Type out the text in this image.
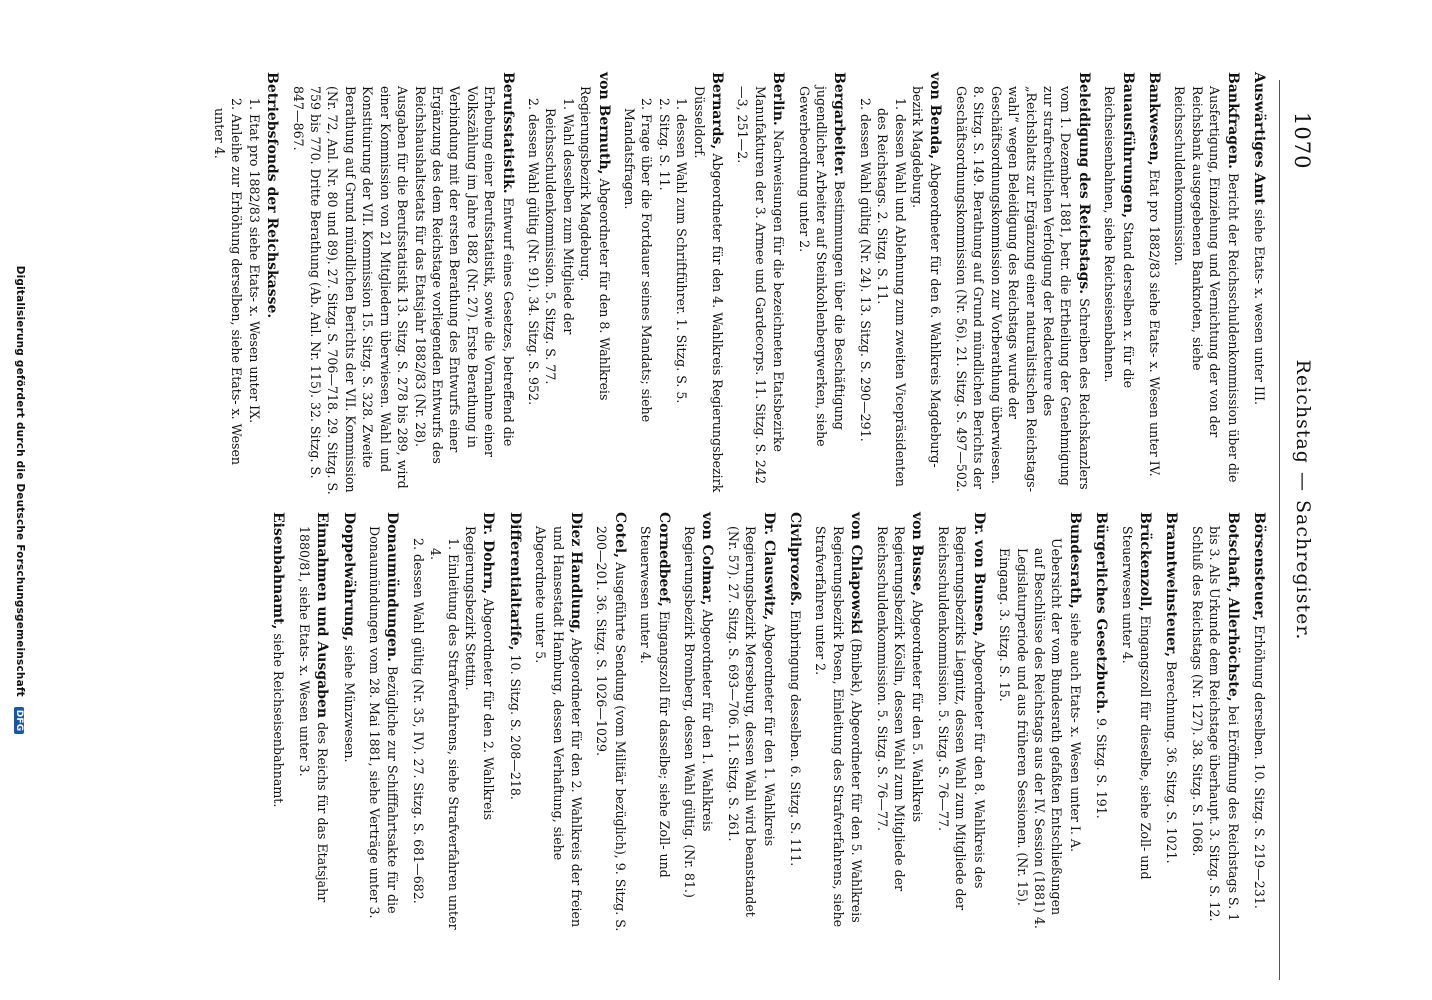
1070
Reichstag—Sachregister.
Auswärtiges Amt siehe Etats- x. wesen unter III.
Bankfragen. Bericht der Reichsschuldenkommission über die Ausfertigung, Einziehung und Vernichtung der von der Reichsbank ausgegebenen Banknoten, siehe Reichsschuldenkommission.
Bankwesen, Etat pro 1882/83 siehe Etats- x. Wesen unter IV.
Bauausführungen, Stand derselben x. für die Reichseisenbahnen, siehe Reichseisenbahnen.
Beleidigung des Reichstags. Schreiben des Reichskanzlers vom 1. Dezember 1881, betr. die Ertheilung der Genehmigung zur strafrechtlichen Verfolgung der Redacteure des „Reichsblatts zur Ergänzung einer naturalistischen Reichstags-wahl“ wegen Beleidigung des Reichstags wurde der Geschäftsordnungskommission zur Vorberathung überwiesen. 8. Sitzg. S. 149. Berathung auf Grund mündlichen Berichts der Geschäftsordnungskommission (Nr. 56). 21. Sitzg. S. 497—502.
von Benda, Abgeordneter für den 6. Wahlkreis Magdeburg-bezirk Magdeburg.
1. dessen Wahl und Ablehnung zum zweiten Vicepräsidenten des Reichstags. 2. Sitzg. S. 11.
2. dessen Wahl gültig (Nr. 24). 13. Sitzg. S. 290—291.
Bergarbeiter. Bestimmungen über die Beschäftigung jugendlicher Arbeiter auf Steinkohlenbergwerken, siehe Gewerbeordnung unter 2.
Berlin. Nachweisungen für die bezeichneten Etatsbezirke Manufakturen der 3. Armee und Gardecorps. 11. Sitzg. S. 242—3, 251—2.
Bernards, Abgeordneter für den 4. Wahlkreis Regierungsbezirk Düsseldorf.
1. dessen Wahl zum Schriftführer. 1. Sitzg. S. 5.
2. Sitzg. S. 11.
2. Frage über die Fortdauer seines Mandats; siehe Mandatsfragen.
von Bernuth, Abgeordneter für den 8. Wahlkreis Regierungsbezirk Magdeburg.
1. Wahl desselben zum Mitgliede der Reichsschuldenkommission. 5. Sitzg. S. 77.
2. dessen Wahl gültig (Nr. 91). 34. Sitzg. S. 952.
Berufsstatistik. Entwurf eines Gesetzes, betreffend die Erhebung einer Berufsstatistik, sowie die Vornahme einer Volkszählung im Jahre 1882 (Nr. 27). Erste Berathung in Verbindung mit der ersten Berathung des Entwurfs einer Ergänzung des dem Reichstage vorliegenden Entwurfs des Reichshaushaltsetats für das Etatsjahr 1882/83 (Nr. 28). Ausgaben für die Berufsstatistik 13. Sitzg. S. 278 bis 289, wird einer Kommission von 21 Mitgliedern überwiesen. Wahl und Konstituirung der VII. Kommission 15. Sitzg. S. 328. Zweite Berathung auf Grund mündlichen Berichts der VII. Kommission (Nr. 72, Anl. Nr. 80 und 89). 27. Sitzg. S. 706—718. 29. Sitzg. S. 759 bis 770. Dritte Berathung (Ab. Anl. Nr. 115). 32. Sitzg. S. 847—867.
Betriebsfonds der Reichskasse.
1. Etat pro 1882/83 siehe Etats- x. Wesen unter IX.
2. Anleihe zur Erhöhung derselben, siehe Etats- x. Wesen unter 4.
Börsensteuer, Erhöhung derselben. 10. Sitzg. S. 219—231.
Botschaft, Allerhöchste, bei Eröffnung des Reichstags S. 1 bis 3. Als Urkunde dem Reichstage überhaupt. 3. Sitzg. S. 12. Schluß des Reichstags (Nr. 127). 38. Sitzg. S. 1068.
Branntweinsteuer, Berechnung. 36. Sitzg. S. 1021.
Brückenzoll, Eingangszoll für dieselbe, siehe Zoll- und Steuerwesen unter 4.
Bürgerliches Gesetzbuch. 9. Sitzg. S. 191.
Bundesrath, siehe auch Etats- x. Wesen unter I. A.
Uebersicht der vom Bundesrath gefaßten Entschließungen auf Beschlüsse des Reichstags aus der IV. Session (1881) 4. Legislaturperiode und aus früheren Sessionen. (Nr. 15). Eingang. 3. Sitzg. S. 15.
Dr. von Bunsen, Abgeordneter für den 8. Wahlkreis des Regierungsbezirks Liegnitz, dessen Wahl zum Mitgliede der Reichsschuldenkommission. 5. Sitzg. S. 76—77.
von Busse, Abgeordneter für den 5. Wahlkreis Regierungsbezirk Köslin, dessen Wahl zum Mitgliede der Reichsschuldenkommission. 5. Sitzg. S. 76—77.
von Chlapowski (Bnibek), Abgeordneter für den 5. Wahlkreis Regierungsbezirk Posen, Einleitung des Strafverfahrens, siehe Strafverfahren unter 2.
Civilprozeß. Einbringung desselben. 6. Sitzg. S. 111.
Dr. Clauswitz, Abgeordneter für den 1. Wahlkreis Regierungsbezirk Merseburg, dessen Wahl wird beanstandet (Nr. 57). 27. Sitzg. S. 693—706. 11. Sitzg. S. 261.
von Colmar, Abgeordneter für den 1. Wahlkreis Regierungsbezirk Bromberg, dessen Wahl gültig. (Nr. 81.)
Cornedbeef, Eingangszoll für dasselbe; siehe Zoll- und Steuerwesen unter 4.
Cotel, Ausgeführte Sendung (vom Militär bezüglich), 9. Sitzg. S. 200—201. 36. Sitzg. S. 1026—1029.
Diez Handlung, Abgeordneter für den 2. Wahlkreis der freien und Hansestadt Hamburg, dessen Verhaftung, siehe Abgeordnete unter 5.
Differentialtarife, 10. Sitzg. S. 208—218.
Dr. Dohrn, Abgeordneter für den 2. Wahlkreis Regierungsbezirk Stettin.
1. Einleitung des Strafverfahrens, siehe Strafverfahren unter 4.
2. dessen Wahl gültig (Nr. 35, IV). 27. Sitzg. S. 681—682.
Donaumündungen. Bezügliche zur Schifffahrtsakte für die Donaumündungen vom 28. Mai 1881, siehe Verträge unter 3.
Doppelwährung, siehe Münzwesen.
Einnahmen und Ausgaben des Reichs für das Etatsjahr 1880/81, siehe Etats- x. Wesen unter 3.
Eisenbahnamt, siehe Reichseisenbahnamt.
Digitalisierung gefördert durch die Deutsche Forschungsgemeinschaft DFG
